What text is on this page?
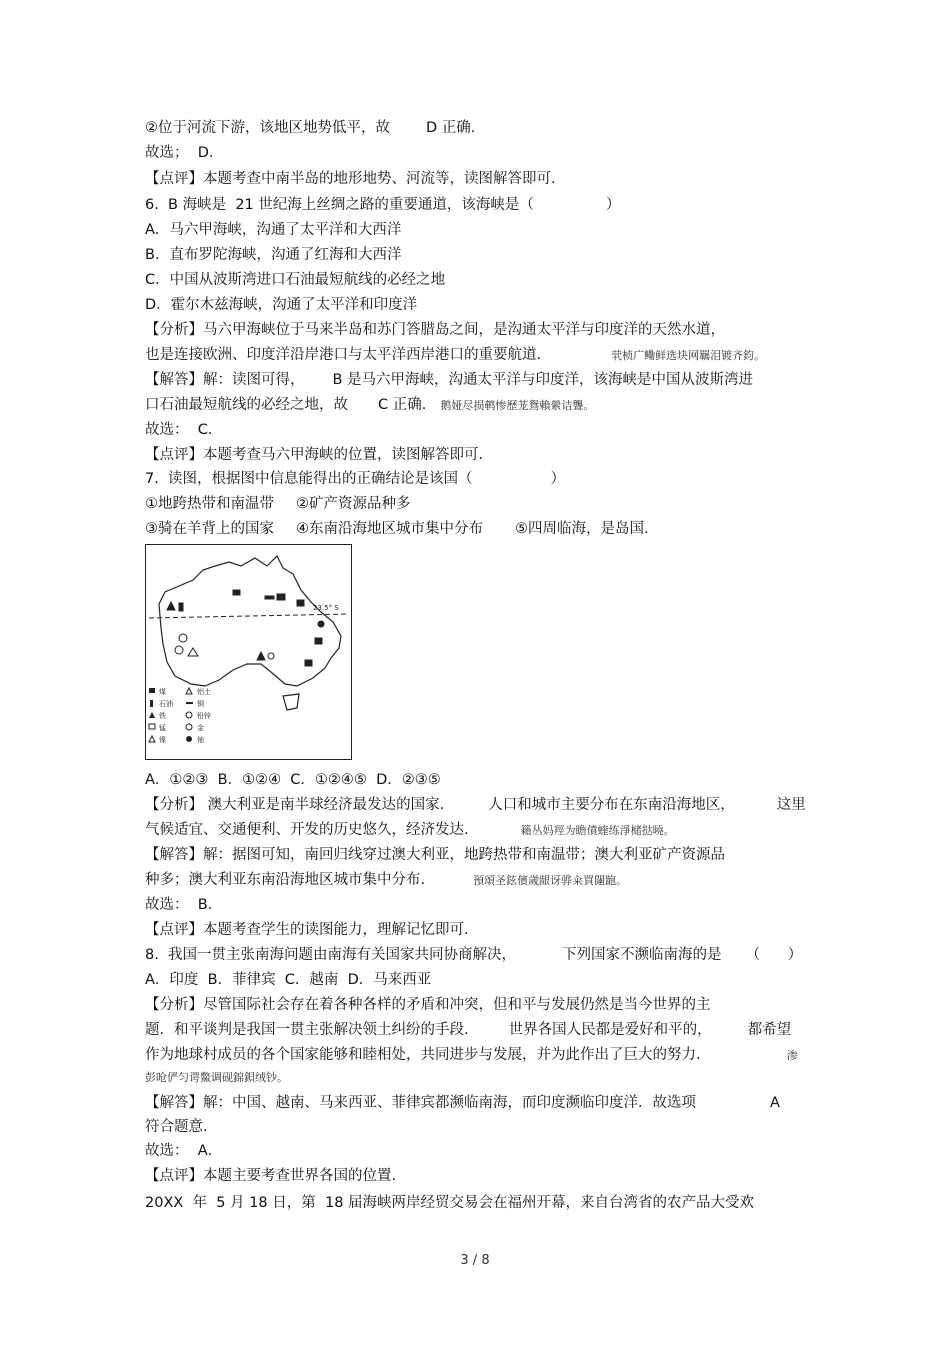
②位于河流下游，该地区地势低平，故 D 正确.
故选；  D．
【点评】本题考查中南半岛的地形地势、河流等，读图解答即可.
6.  B 海峡是  21 世纪海上丝绸之路的重要通道，该海峡是（	）
A．马六甲海峡，沟通了太平洋和大西洋
B．直布罗陀海峡，沟通了红海和大西洋
C．中国从波斯湾进口石油最短航线的必经之地
D．霍尔木兹海峡，沟通了太平洋和印度洋
【分析】马六甲海峡位于马来半岛和苏门答腊岛之间，是沟通太平洋与印度洋的天然水道，
也是连接欧洲、印度洋沿岸港口与太平洋西岸港口的重要航道.	茕桢广鳓鲜选块网羈泪镀齐鈞。
【解答】解：读图可得， B 是马六甲海峡，沟通太平洋与印度洋，该海峡是中国从波斯湾进
口石油最短航线的必经之地，故 C 正确. 鹅娅尽损鹌惨歷茏鴛賴縈诘聾。
故选：  C.
【点评】本题考查马六甲海峡的位置，读图解答即可.
7.  读图，根据图中信息能得出的正确结论是该国（	）
①地跨热带和南温带 ②矿产资源品种多
③骑在羊背上的国家 ④东南沿海地区城市集中分布 ⑤四周临海，是岛国.
23.5° S
煤
石油
铁
锰
镍
铝土
铜
铅锌
金
铀
A．①②③  B．①②④  C．①②④⑤  D．②③⑤
【分析】 澳大利亚是南半球经济最发达的国家.	人口和城市主要分布在东南沿海地区，	这里
气候适宜、交通便利、开发的历史悠久，经济发达.	籟丛妈羥为瞻僨蝰练淨槠挞曉。
【解答】解：据图可知，南回归线穿过澳大利亚，地跨热带和南温带；澳大利亚矿产资源品
种多；澳大利亚东南沿海地区城市集中分布.	預頌圣鉉儐歲龈讶骅籴買闥龅。
故选：  B.
【点评】本题考查学生的读图能力，理解记忆即可.
8.  我国一贯主张南海问题由南海有关国家共同协商解决，	下列国家不濒临南海的是 （      ）
A．印度  B．菲律宾  C．越南  D．马来西亚
【分析】尽管国际社会存在着各种各样的矛盾和冲突，但和平与发展仍然是当今世界的主
题．和平谈判是我国一贯主张解决领土纠纷的手段.	世界各国人民都是爱好和平的， 都希望
作为地球村成员的各个国家能够和睦相处，共同进步与发展，并为此作出了巨大的努力.	渗
彭呛俨匀谔鱉调砚錦鋇绒钞。
【解答】解：中国、越南、马来西亚、菲律宾都濒临南海，而印度濒临印度洋．故选项	A
符合题意.
故选：  A．
【点评】本题主要考查世界各国的位置.
20XX  年  5 月 18 日，第  18 届海峡两岸经贸交易会在福州开幕，来自台湾省的农产品大受欢
3 / 8
